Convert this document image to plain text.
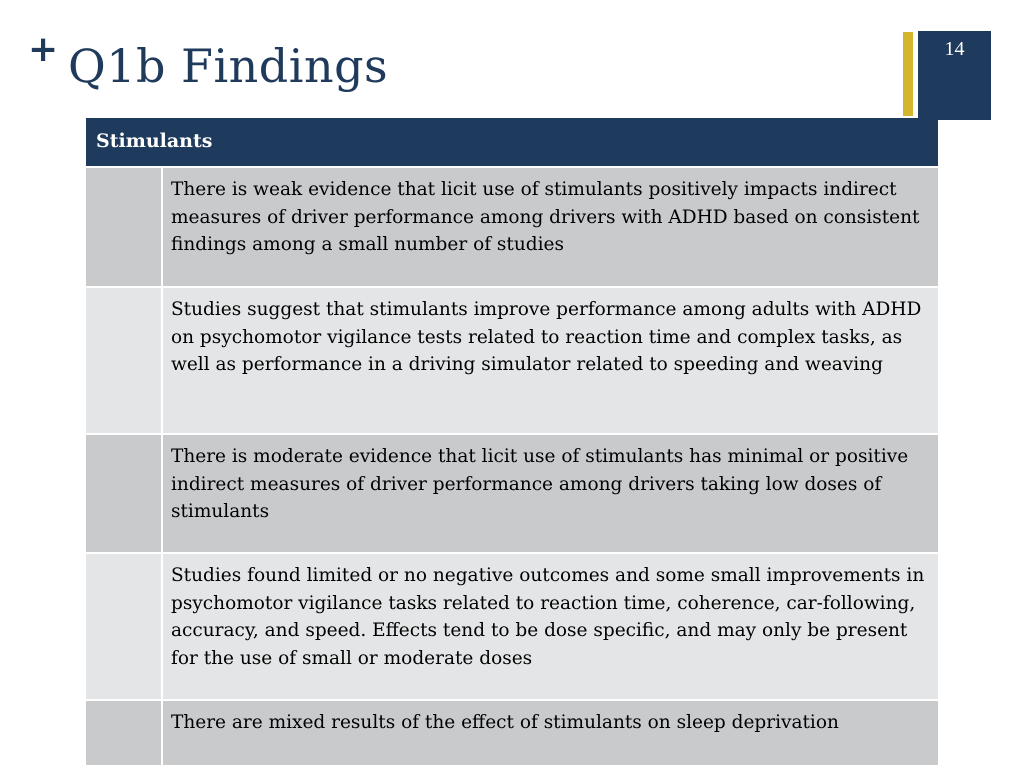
+ Q1b Findings	14
Stimulants
There is weak evidence that licit use of stimulants positively impacts indirect measures of driver performance among drivers with ADHD based on consistent findings among a small number of studies
Studies suggest that stimulants improve performance among adults with ADHD on psychomotor vigilance tests related to reaction time and complex tasks, as well as performance in a driving simulator related to speeding and weaving
There is moderate evidence that licit use of stimulants has minimal or positive indirect measures of driver performance among drivers taking low doses of stimulants
Studies found limited or no negative outcomes and some small improvements in psychomotor vigilance tasks related to reaction time, coherence, car-following, accuracy, and speed. Effects tend to be dose specific, and may only be present for the use of small or moderate doses
There are mixed results of the effect of stimulants on sleep deprivation
